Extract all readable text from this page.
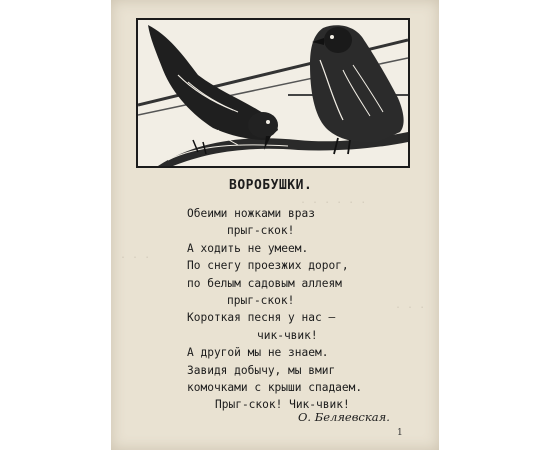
. . . . . .
. . .
. . .
ВОРОБУШКИ.
Обеими ножками враз
прыг-скок!
А ходить не умеем.
По снегу проезжих дорог,
по белым садовым аллеям
прыг-скок!
Короткая песня у нас —
чик-чвик!
А другой мы не знаем.
Завидя добычу, мы вмиг
комочками с крыши спадаем.
Прыг-скок! Чик-чвик!
О. Беляевская.
1
